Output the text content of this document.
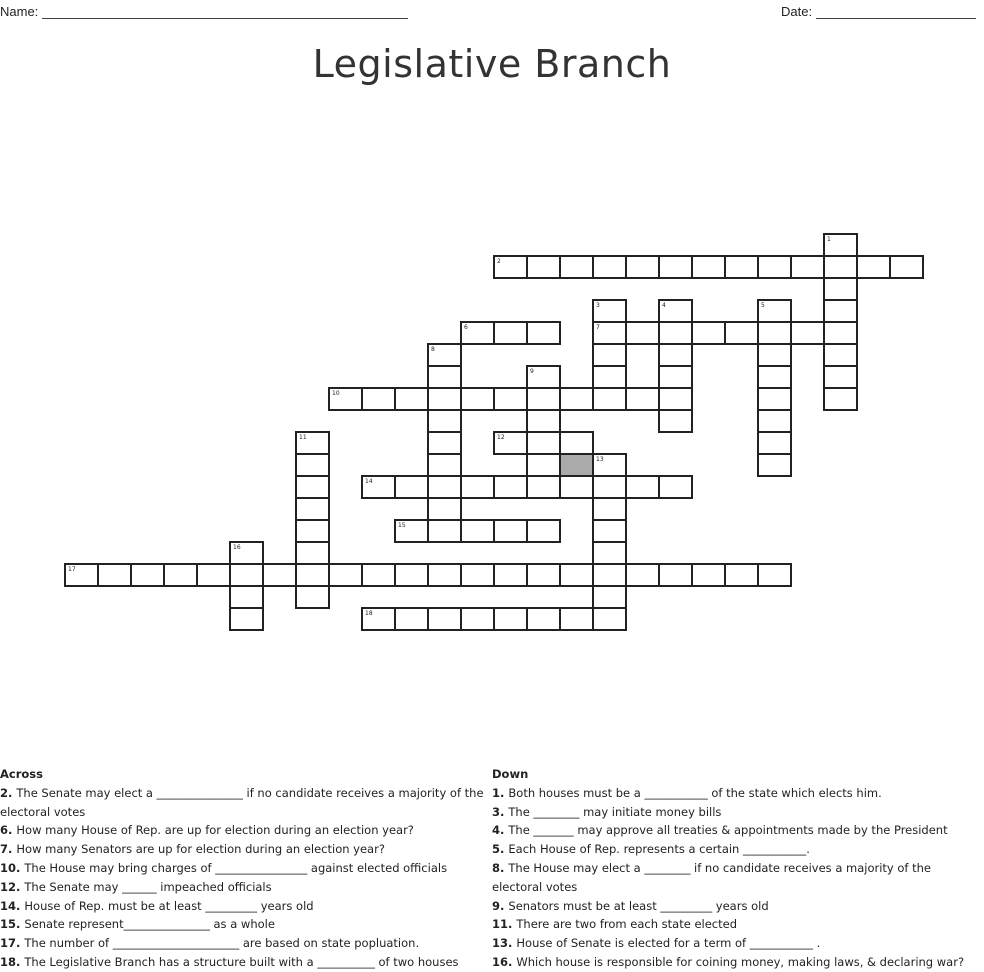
Name:	Date:
Legislative Branch
1
2
3
7
4	5
6
8
9
10
11	12
13
14
15
16
17
18
Across
2. The Senate may elect a _______________ if no candidate receives a majority of the electoral votes
6. How many House of Rep. are up for election during an election year?
7. How many Senators are up for election during an election year?
10. The House may bring charges of ________________ against elected officials
12. The Senate may ______ impeached officials
14. House of Rep. must be at least _________ years old
15. Senate represent_______________ as a whole
17. The number of ______________________ are based on state popluation.
18. The Legislative Branch has a structure built with a __________ of two houses
Down
1. Both houses must be a ___________ of the state which elects him.
3. The ________ may initiate money bills
4. The _______ may approve all treaties & appointments made by the President
5. Each House of Rep. represents a certain ___________.
8. The House may elect a ________ if no candidate receives a majority of the electoral votes
9. Senators must be at least _________ years old
11. There are two from each state elected
13. House of Senate is elected for a term of ___________ .
16. Which house is responsible for coining money, making laws, & declaring war?
